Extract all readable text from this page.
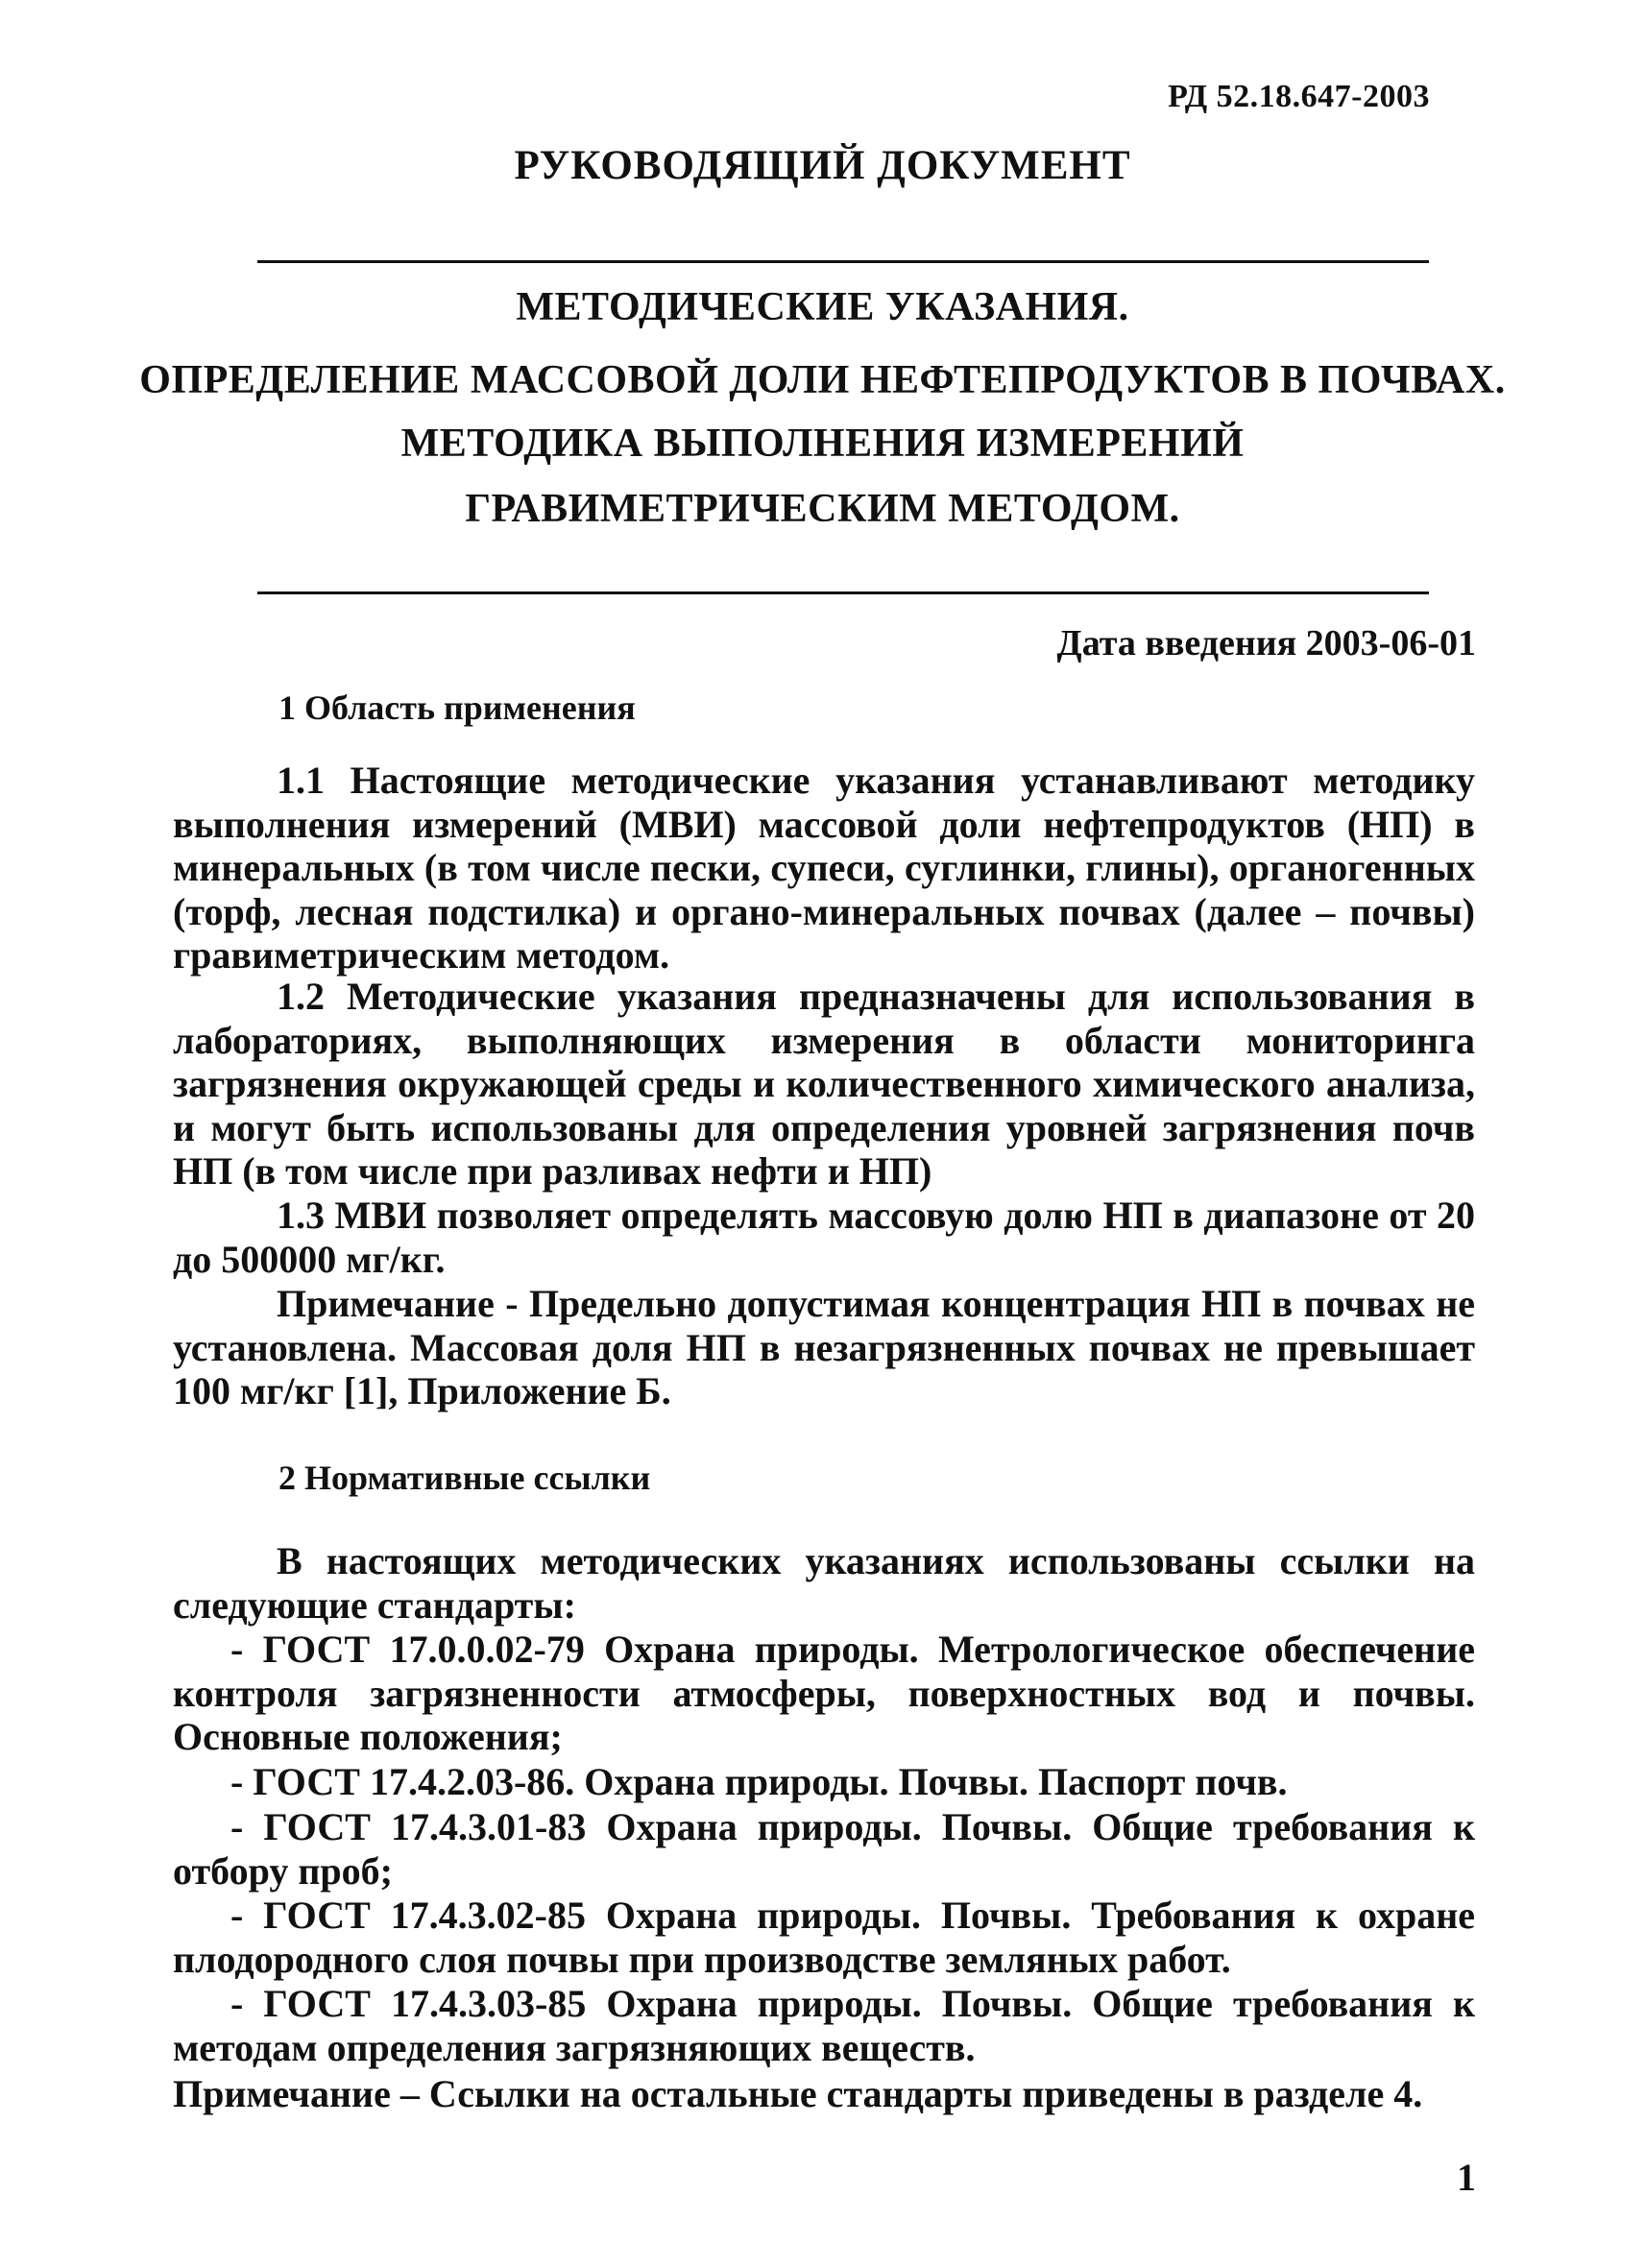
РД 52.18.647-2003
РУКОВОДЯЩИЙ ДОКУМЕНТ
МЕТОДИЧЕСКИЕ УКАЗАНИЯ.
ОПРЕДЕЛЕНИЕ МАССОВОЙ ДОЛИ НЕФТЕПРОДУКТОВ В ПОЧВАХ.
МЕТОДИКА ВЫПОЛНЕНИЯ ИЗМЕРЕНИЙ
ГРАВИМЕТРИЧЕСКИМ МЕТОДОМ.
Дата введения 2003-06-01
1 Область применения

1.1 Настоящие методические указания устанавливают методику выполнения измерений (МВИ) массовой доли нефтепродуктов (НП) в минеральных (в том числе пески, супеси, суглинки, глины), органогенных (торф, лесная подстилка) и органо-минеральных почвах (далее – почвы) гравиметрическим методом.

1.2 Методические указания предназначены для использования в лабораториях, выполняющих измерения в области мониторинга загрязнения окружающей среды и количественного химического анализа, и могут быть использованы для определения уровней загрязнения почв НП (в том числе при разливах нефти и НП)

1.3 МВИ позволяет определять массовую долю НП в диапазоне от 20 до 500000 мг/кг.

Примечание - Предельно допустимая концентрация НП в почвах не установлена. Массовая доля НП в незагрязненных почвах не превышает 100 мг/кг [1], Приложение Б.

2 Нормативные ссылки

В настоящих методических указаниях использованы ссылки на следующие стандарты:

- ГОСТ 17.0.0.02-79 Охрана природы. Метрологическое обеспечение контроля загрязненности атмосферы, поверхностных вод и почвы. Основные положения;

- ГОСТ 17.4.2.03-86. Охрана природы. Почвы. Паспорт почв.

- ГОСТ 17.4.3.01-83 Охрана природы. Почвы. Общие требования к отбору проб;

- ГОСТ 17.4.3.02-85 Охрана природы. Почвы. Требования к охране плодородного слоя почвы при производстве земляных работ.

- ГОСТ 17.4.3.03-85 Охрана природы. Почвы. Общие требования к методам определения загрязняющих веществ.

Примечание – Ссылки на остальные стандарты приведены в разделе 4.

1
